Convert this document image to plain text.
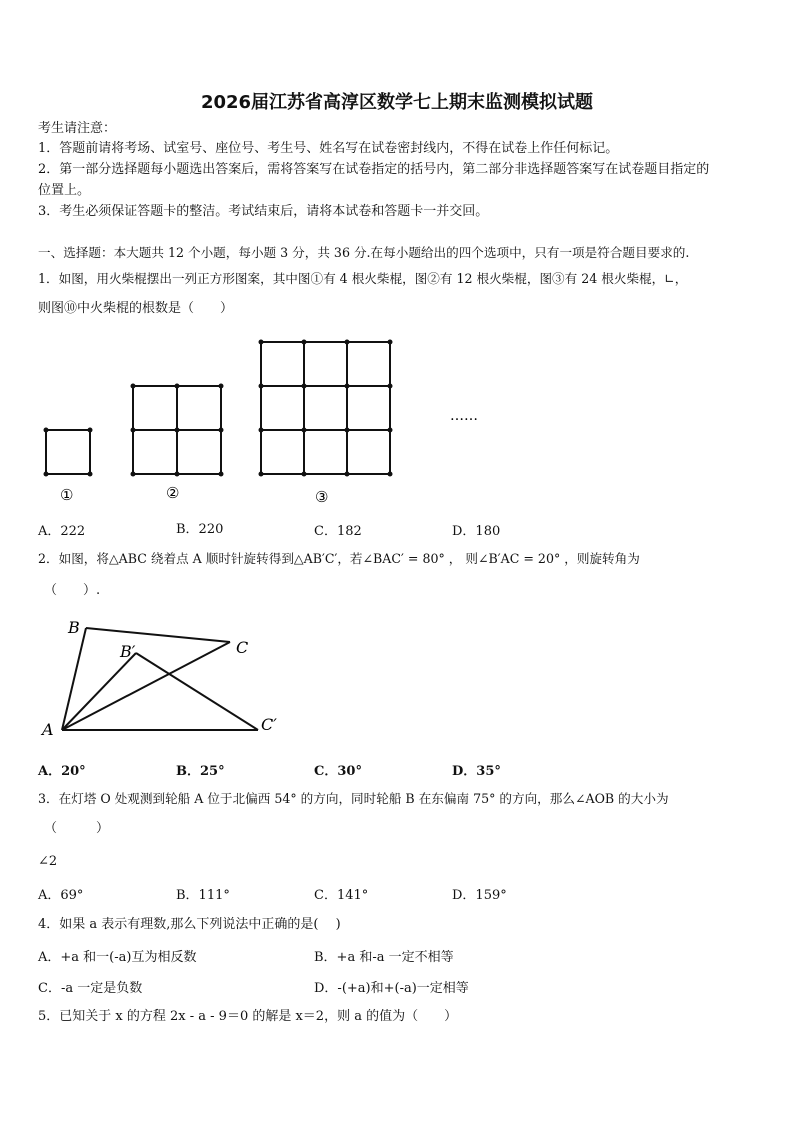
2026届江苏省高淳区数学七上期末监测模拟试题
考生请注意：
1．答题前请将考场、试室号、座位号、考生号、姓名写在试卷密封线内，不得在试卷上作任何标记。
2．第一部分选择题每小题选出答案后，需将答案写在试卷指定的括号内，第二部分非选择题答案写在试卷题目指定的
位置上。
3．考生必须保证答题卡的整洁。考试结束后，请将本试卷和答题卡一并交回。
一、选择题：本大题共 12 个小题，每小题 3 分，共 36 分.在每小题给出的四个选项中，只有一项是符合题目要求的.
1．如图，用火柴棍摆出一列正方形图案，其中图①有 4 根火柴棍，图②有 12 根火柴棍，图③有 24 根火柴棍，∟，
则图⑩中火柴棍的根数是（　　）
……
①	②	③
A．222	B．220	C．182	D．180
2．如图，将△ABC 绕着点 A 顺时针旋转得到△AB′C′，若∠BAC′ = 80° ， 则∠B′AC = 20° ，则旋转角为
（　　）.
A
B
C
B′
C′
A．20°	B．25°	C．30°	D．35°
3．在灯塔 O 处观测到轮船 A 位于北偏西 54° 的方向，同时轮船 B 在东偏南 75° 的方向，那么∠AOB 的大小为
（　　　）
∠2
A．69°	B．111°	C．141°	D．159°
4．如果 a 表示有理数,那么下列说法中正确的是(　 )
A．+a 和一(-a)互为相反数	B．+a 和-a 一定不相等
C．-a 一定是负数	D．-(+a)和+(-a)一定相等
5．已知关于 x 的方程 2x - a - 9＝0 的解是 x＝2，则 a 的值为（　　）
